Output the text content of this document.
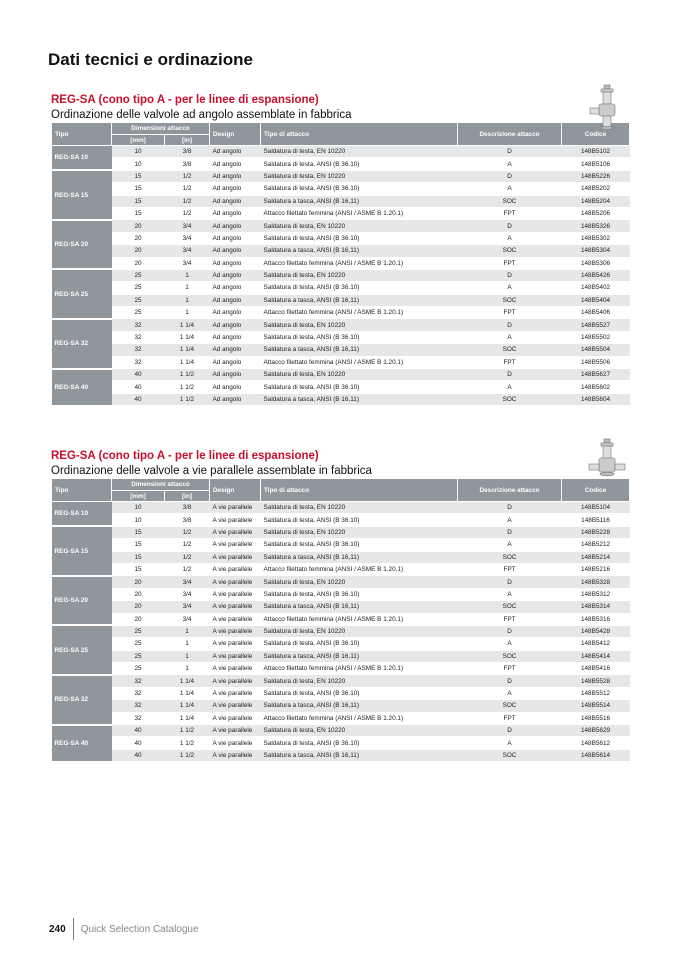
Dati tecnici e ordinazione
REG-SA (cono tipo A - per le linee di espansione)
Ordinazione delle valvole ad angolo assemblate in fabbrica
Tipo	Dimensioni attacco		Design	Tipo di attacco	Descrizione attacco	Codice
	[mm]	[in]				
REG-SA 10	10	3/8	Ad angolo	Saldatura di testa, EN 10220	D	148B5102
	10	3/8	Ad angolo	Saldatura di testa, ANSI (B 36.10)	A	148B5106
REG-SA 15	15	1/2	Ad angolo	Saldatura di testa, EN 10220	D	148B5226
	15	1/2	Ad angolo	Saldatura di testa, ANSI (B 36.10)	A	148B5202
	15	1/2	Ad angolo	Saldatura a tasca, ANSI (B 16,11)	SOC	148B5204
	15	1/2	Ad angolo	Attacco filettato femmina (ANSI / ASME B 1.20.1)	FPT	148B5206
REG-SA 20	20	3/4	Ad angolo	Saldatura di testa, EN 10220	D	148B5326
	20	3/4	Ad angolo	Saldatura di testa, ANSI (B 36.10)	A	148B5302
	20	3/4	Ad angolo	Saldatura a tasca, ANSI (B 16,11)	SOC	148B5304
	20	3/4	Ad angolo	Attacco filettato femmina (ANSI / ASME B 1.20.1)	FPT	148B5306
REG-SA 25	25	1	Ad angolo	Saldatura di testa, EN 10220	D	148B5426
	25	1	Ad angolo	Saldatura di testa, ANSI (B 36.10)	A	148B5402
	25	1	Ad angolo	Saldatura a tasca, ANSI (B 16,11)	SOC	148B5404
	25	1	Ad angolo	Attacco filettato femmina (ANSI / ASME B 1.20.1)	FPT	148B5406
REG-SA 32	32	1 1/4	Ad angolo	Saldatura di testa, EN 10220	D	148B5527
	32	1 1/4	Ad angolo	Saldatura di testa, ANSI (B 36.10)	A	148B5502
	32	1 1/4	Ad angolo	Saldatura a tasca, ANSI (B 16,11)	SOC	148B5504
	32	1 1/4	Ad angolo	Attacco filettato femmina (ANSI / ASME B 1.20.1)	FPT	148B5506
REG-SA 40	40	1 1/2	Ad angolo	Saldatura di testa, EN 10220	D	148B5627
	40	1 1/2	Ad angolo	Saldatura di testa, ANSI (B 36.10)	A	148B5602
	40	1 1/2	Ad angolo	Saldatura a tasca, ANSI (B 16,11)	SOC	148B5604
REG-SA (cono tipo A - per le linee di espansione)
Ordinazione delle valvole a vie parallele assemblate in fabbrica
Tipo	Dimensioni attacco		Design	Tipo di attacco	Descrizione attacco	Codice
	[mm]	[in]				
REG-SA 10	10	3/8	A vie parallele	Saldatura di testa, EN 10220	D	148B5104
	10	3/8	A vie parallele	Saldatura di testa, ANSI (B 36.10)	A	148B5116
REG-SA 15	15	1/2	A vie parallele	Saldatura di testa, EN 10220	D	148B5228
	15	1/2	A vie parallele	Saldatura di testa, ANSI (B 36.10)	A	148B5212
	15	1/2	A vie parallele	Saldatura a tasca, ANSI (B 16,11)	SOC	148B5214
	15	1/2	A vie parallele	Attacco filettato femmina (ANSI / ASME B 1.20.1)	FPT	148B5216
REG-SA 20	20	3/4	A vie parallele	Saldatura di testa, EN 10220	D	148B5328
	20	3/4	A vie parallele	Saldatura di testa, ANSI (B 36.10)	A	148B5312
	20	3/4	A vie parallele	Saldatura a tasca, ANSI (B 16,11)	SOC	148B5314
	20	3/4	A vie parallele	Attacco filettato femmina (ANSI / ASME B 1.20.1)	FPT	148B5316
REG-SA 25	25	1	A vie parallele	Saldatura di testa, EN 10220	D	148B5428
	25	1	A vie parallele	Saldatura di testa, ANSI (B 36.10)	A	148B5412
	25	1	A vie parallele	Saldatura a tasca, ANSI (B 16,11)	SOC	148B5414
	25	1	A vie parallele	Attacco filettato femmina (ANSI / ASME B 1.20.1)	FPT	148B5416
REG-SA 32	32	1 1/4	A vie parallele	Saldatura di testa, EN 10220	D	148B5528
	32	1 1/4	A vie parallele	Saldatura di testa, ANSI (B 36.10)	A	148B5512
	32	1 1/4	A vie parallele	Saldatura a tasca, ANSI (B 16,11)	SOC	148B5514
	32	1 1/4	A vie parallele	Attacco filettato femmina (ANSI / ASME B 1.20.1)	FPT	148B5516
REG-SA 40	40	1 1/2	A vie parallele	Saldatura di testa, EN 10220	D	148B5629
	40	1 1/2	A vie parallele	Saldatura di testa, ANSI (B 36.10)	A	148B5612
	40	1 1/2	A vie parallele	Saldatura a tasca, ANSI (B 16,11)	SOC	148B5614
240 Quick Selection Catalogue
